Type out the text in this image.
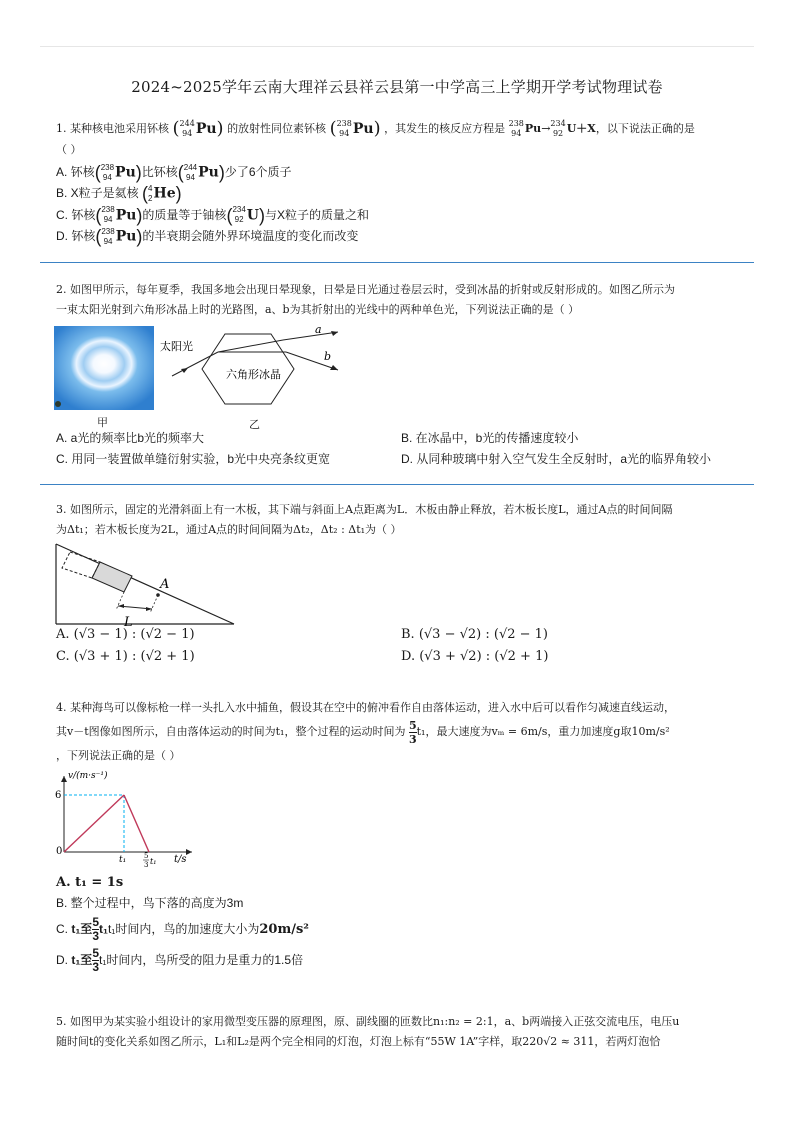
2024~2025学年云南大理祥云县祥云县第一中学高三上学期开学考试物理试卷

1. 某种核电池采用钚核 ( 244
94 Pu) 的放射性同位素钚核 ( 238
94 Pu) ，其发生的核反应方程是 238
94 Pu→ 234
92 U＋X，以下说法正确的是

（ ）

A. 钚核( 238
94 Pu)比钚核( 244
94 Pu)少了6个质子

B. X粒子是氦核 ( 4
2 He)

C. 钚核( 238
94 Pu)的质量等于铀核( 234
92 U)与X粒子的质量之和

D. 钚核( 238
94 Pu)的半衰期会随外界环境温度的变化而改变

2. 如图甲所示，每年夏季，我国多地会出现日晕现象，日晕是日光通过卷层云时，受到冰晶的折射或反射形成的。如图乙所示为

一束太阳光射到六角形冰晶上时的光路图，a、b为其折射出的光线中的两种单色光，下列说法正确的是（ ）

甲
太阳光
六角形冰晶
a
b
乙

A. a光的频率比b光的频率大	B. 在冰晶中，b光的传播速度较小

C. 用同一装置做单缝衍射实验，b光中央亮条纹更宽	D. 从同种玻璃中射入空气发生全反射时，a光的临界角较小

3. 如图所示，固定的光滑斜面上有一木板，其下端与斜面上A点距离为L．木板由静止释放，若木板长度L，通过A点的时间间隔

为Δt₁；若木板长度为2L，通过A点的时间间隔为Δt₂，Δt₂ : Δt₁为（ ）

A
L

A. (√3 − 1) : (√2 − 1)	B. (√3 − √2) : (√2 − 1)

C. (√3 + 1) : (√2 + 1)	D. (√3 + √2) : (√2 + 1)

4. 某种海鸟可以像标枪一样一头扎入水中捕鱼，假设其在空中的俯冲看作自由落体运动，进入水中后可以看作匀减速直线运动，

其v－t图像如图所示，自由落体运动的时间为t₁，整个过程的运动时间为 $\frac{5}{3} t_1$，最大速度为vₘ = 6m/s，重力加速度g取10m/s²

，下列说法正确的是（ ）

v/(m·s⁻¹)
6
0
t₁	5
3 t₁ t/s

A. t₁ = 1s

B. 整个过程中，鸟下落的高度为3m

C. t₁至 $\frac{5}{3} t_1t_1$时间内，鸟的加速度大小为20m/s²

D. t₁至 $\frac{5}{3} t_1$时间内，鸟所受的阻力是重力的1.5倍

5. 如图甲为某实验小组设计的家用微型变压器的原理图，原、副线圈的匝数比n₁:n₂ = 2:1，a、b两端接入正弦交流电压，电压u

随时间t的变化关系如图乙所示，L₁和L₂是两个完全相同的灯泡，灯泡上标有“55W 1A”字样，取220√2 ≈ 311，若两灯泡恰
